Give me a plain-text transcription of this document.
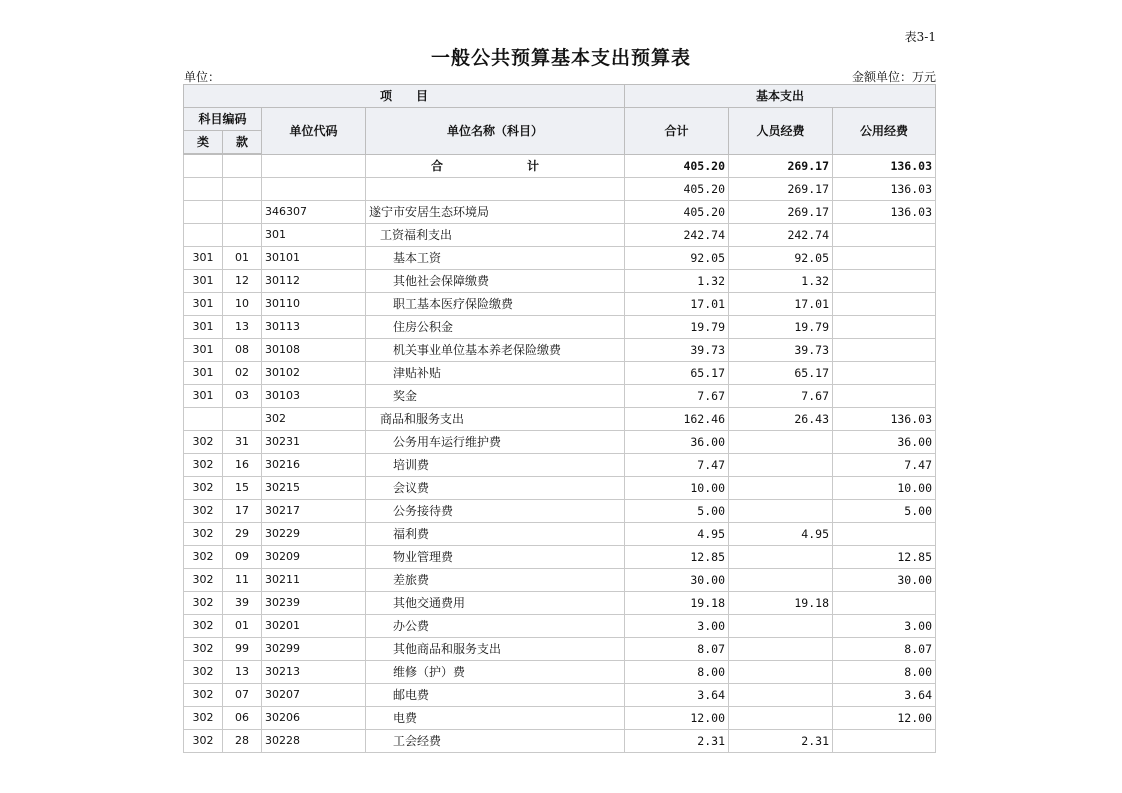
表3-1
一般公共预算基本支出预算表
单位：	金额单位：万元
项　　目				基本支出		
科目编码		单位代码	单位名称（科目）	合计	人员经费	公用经费
类	款					
			合　　计	405.20	269.17	136.03
				405.20	269.17	136.03
		346307	遂宁市安居生态环境局	405.20	269.17	136.03
		301	工资福利支出	242.74	242.74	
301	01	30101	基本工资	92.05	92.05	
301	12	30112	其他社会保障缴费	1.32	1.32	
301	10	30110	职工基本医疗保险缴费	17.01	17.01	
301	13	30113	住房公积金	19.79	19.79	
301	08	30108	机关事业单位基本养老保险缴费	39.73	39.73	
301	02	30102	津贴补贴	65.17	65.17	
301	03	30103	奖金	7.67	7.67	
		302	商品和服务支出	162.46	26.43	136.03
302	31	30231	公务用车运行维护费	36.00		36.00
302	16	30216	培训费	7.47		7.47
302	15	30215	会议费	10.00		10.00
302	17	30217	公务接待费	5.00		5.00
302	29	30229	福利费	4.95	4.95	
302	09	30209	物业管理费	12.85		12.85
302	11	30211	差旅费	30.00		30.00
302	39	30239	其他交通费用	19.18	19.18	
302	01	30201	办公费	3.00		3.00
302	99	30299	其他商品和服务支出	8.07		8.07
302	13	30213	维修（护）费	8.00		8.00
302	07	30207	邮电费	3.64		3.64
302	06	30206	电费	12.00		12.00
302	28	30228	工会经费	2.31	2.31	
